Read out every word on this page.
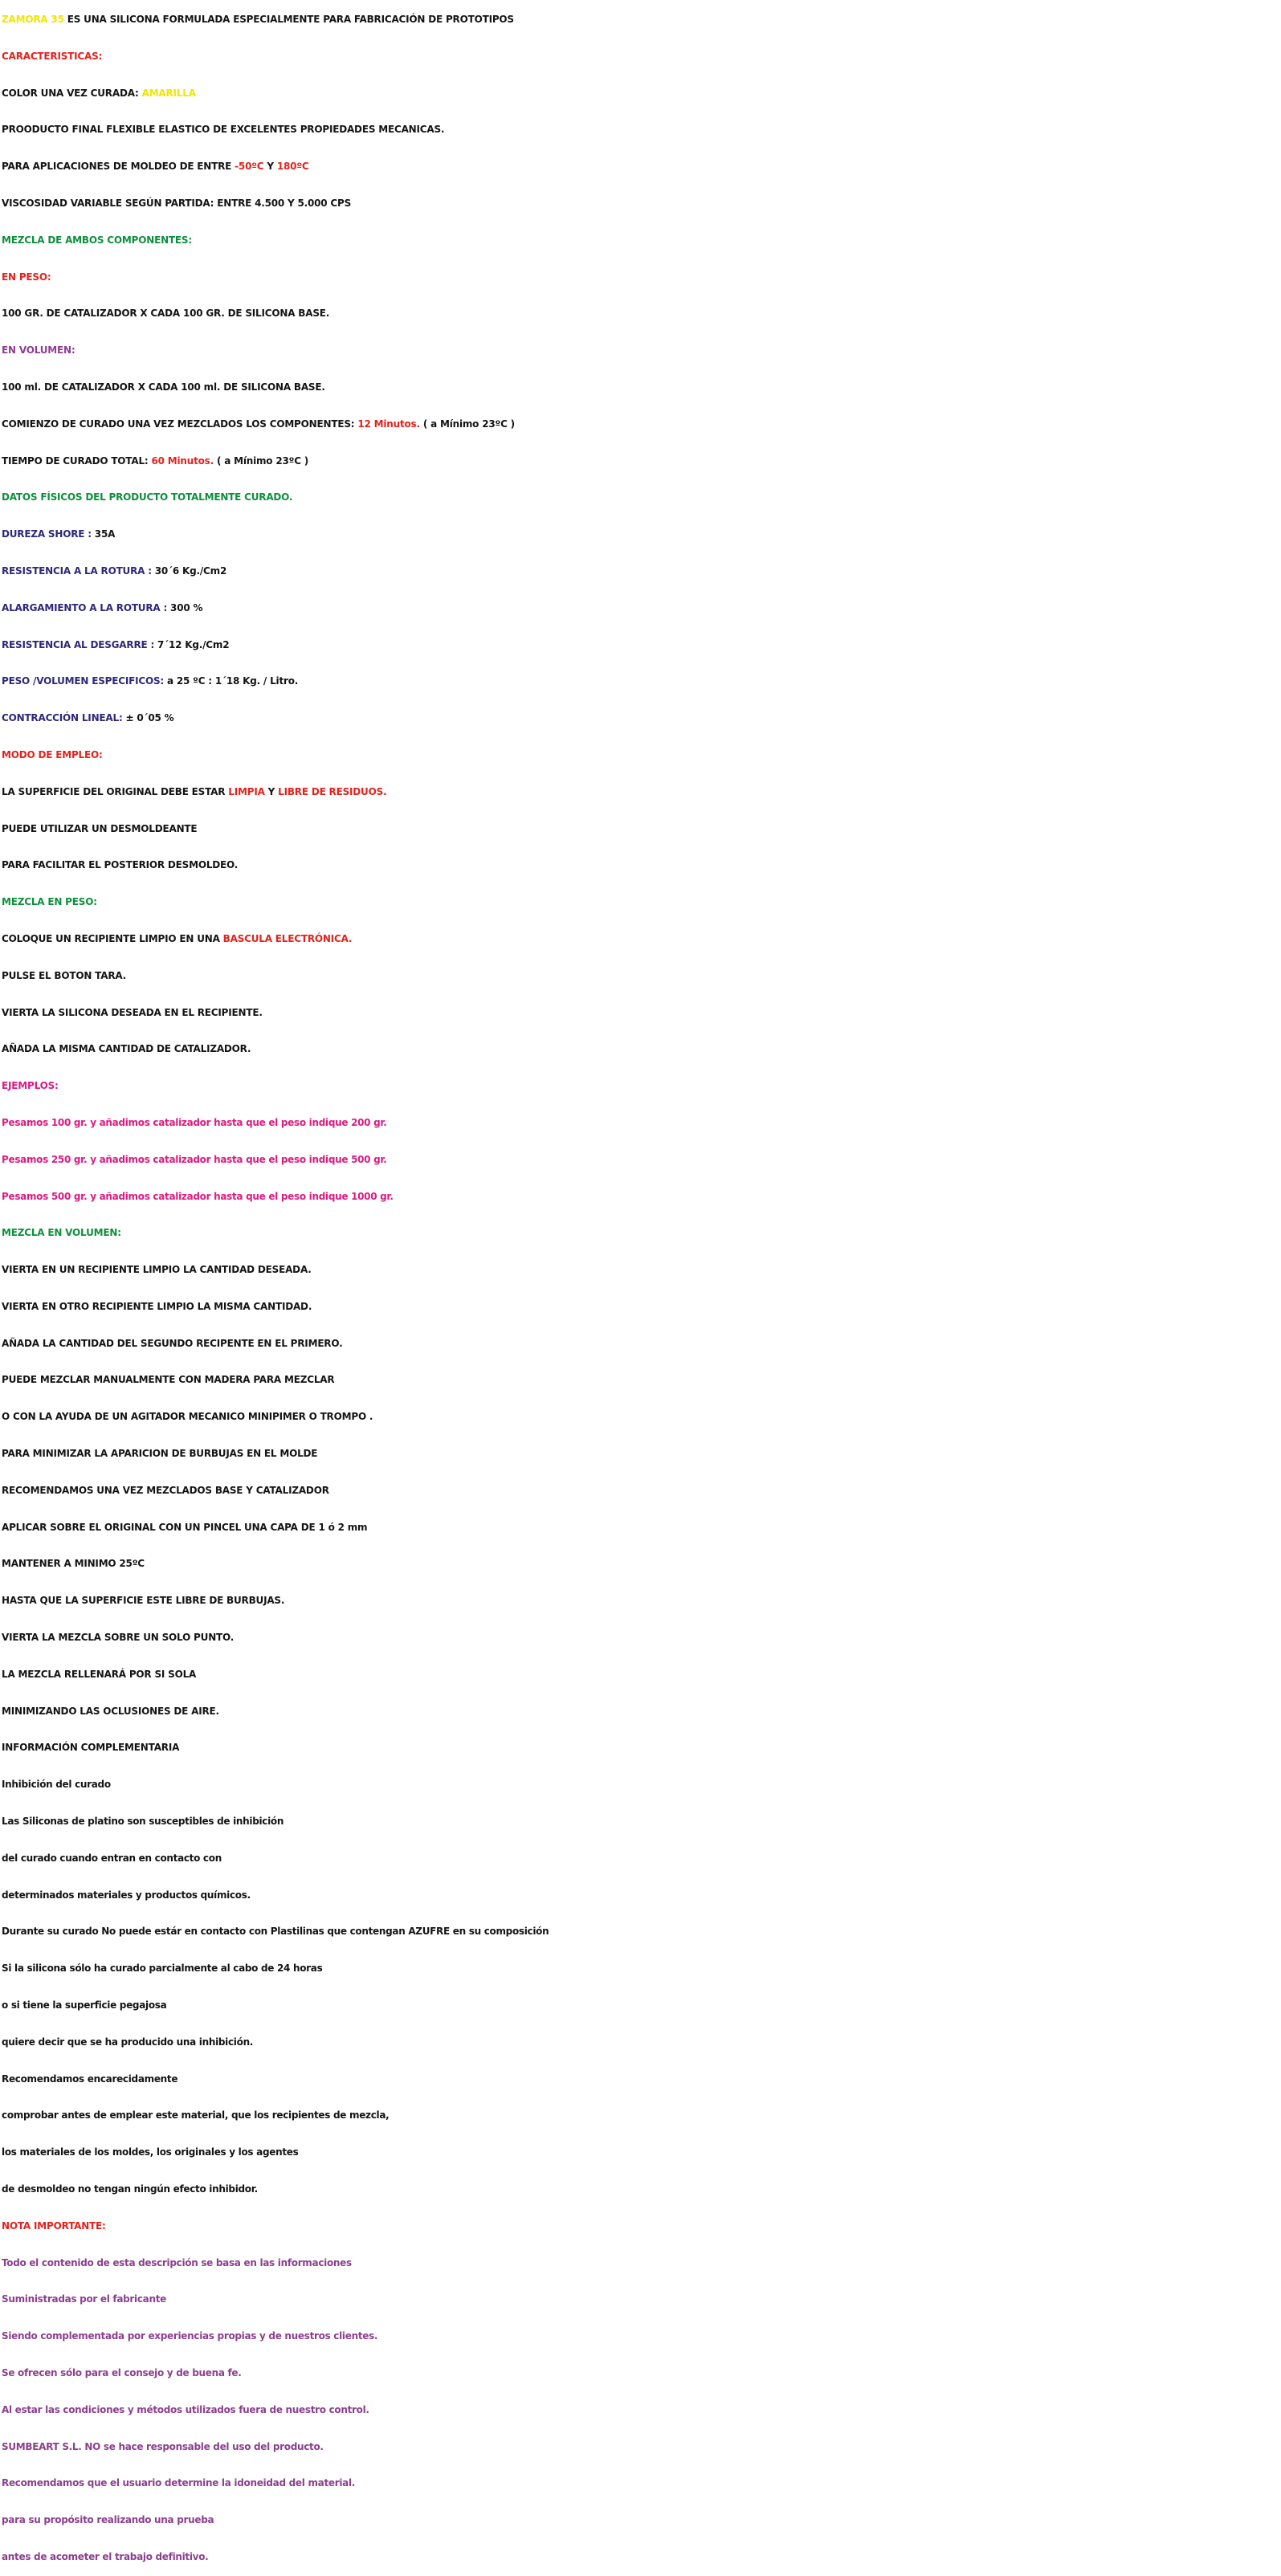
ZAMORA 35 ES UNA SILICONA FORMULADA ESPECIALMENTE PARA FABRICACIÓN DE PROTOTIPOS
CARACTERISTICAS:
COLOR UNA VEZ CURADA: AMARILLA
PROODUCTO FINAL FLEXIBLE ELASTICO DE EXCELENTES PROPIEDADES MECANICAS.
PARA APLICACIONES DE MOLDEO DE ENTRE -50ºC Y 180ºC
VISCOSIDAD VARIABLE SEGÚN PARTIDA: ENTRE 4.500 Y 5.000 CPS
MEZCLA DE AMBOS COMPONENTES:
EN PESO:
100 GR. DE CATALIZADOR X CADA 100 GR. DE SILICONA BASE.
EN VOLUMEN:
100 ml. DE CATALIZADOR X CADA 100 ml. DE SILICONA BASE.
COMIENZO DE CURADO UNA VEZ MEZCLADOS LOS COMPONENTES: 12 Minutos. ( a Mínimo 23ºC )
TIEMPO DE CURADO TOTAL: 60 Minutos. ( a Mínimo 23ºC )
DATOS FÍSICOS DEL PRODUCTO TOTALMENTE CURADO.
DUREZA SHORE : 35A
RESISTENCIA A LA ROTURA : 30´6 Kg./Cm2
ALARGAMIENTO A LA ROTURA : 300 %
RESISTENCIA AL DESGARRE : 7´12 Kg./Cm2
PESO /VOLUMEN ESPECIFICOS: a 25 ºC : 1´18 Kg. / Litro.
CONTRACCIÓN LINEAL: ± 0´05 %
MODO DE EMPLEO:
LA SUPERFICIE DEL ORIGINAL DEBE ESTAR LIMPIA Y LIBRE DE RESIDUOS.
PUEDE UTILIZAR UN DESMOLDEANTE
PARA FACILITAR EL POSTERIOR DESMOLDEO.
MEZCLA EN PESO:
COLOQUE UN RECIPIENTE LIMPIO EN UNA BASCULA ELECTRÓNICA.
PULSE EL BOTON TARA.
VIERTA LA SILICONA DESEADA EN EL RECIPIENTE.
AÑADA LA MISMA CANTIDAD DE CATALIZADOR.
EJEMPLOS:
Pesamos 100 gr. y añadimos catalizador hasta que el peso indique 200 gr.
Pesamos 250 gr. y añadimos catalizador hasta que el peso indique 500 gr.
Pesamos 500 gr. y añadimos catalizador hasta que el peso indique 1000 gr.
MEZCLA EN VOLUMEN:
VIERTA EN UN RECIPIENTE LIMPIO LA CANTIDAD DESEADA.
VIERTA EN OTRO RECIPIENTE LIMPIO LA MISMA CANTIDAD.
AÑADA LA CANTIDAD DEL SEGUNDO RECIPENTE EN EL PRIMERO.
PUEDE MEZCLAR MANUALMENTE CON MADERA PARA MEZCLAR
O CON LA AYUDA DE UN AGITADOR MECANICO MINIPIMER O TROMPO .
PARA MINIMIZAR LA APARICION DE BURBUJAS EN EL MOLDE
RECOMENDAMOS UNA VEZ MEZCLADOS BASE Y CATALIZADOR
APLICAR SOBRE EL ORIGINAL CON UN PINCEL UNA CAPA DE 1 ó 2 mm
MANTENER A MINIMO 25ºC
HASTA QUE LA SUPERFICIE ESTE LIBRE DE BURBUJAS.
VIERTA LA MEZCLA SOBRE UN SOLO PUNTO.
LA MEZCLA RELLENARÁ POR SI SOLA
MINIMIZANDO LAS OCLUSIONES DE AIRE.
INFORMACIÓN COMPLEMENTARIA
Inhibición del curado
Las Siliconas de platino son susceptibles de inhibición
del curado cuando entran en contacto con
determinados materiales y productos químicos.
Durante su curado No puede estár en contacto con Plastilinas que contengan AZUFRE en su composición
Si la silicona sólo ha curado parcialmente al cabo de 24 horas
o si tiene la superficie pegajosa
quiere decir que se ha producido una inhibición.
Recomendamos encarecidamente
comprobar antes de emplear este material, que los recipientes de mezcla,
los materiales de los moldes, los originales y los agentes
de desmoldeo no tengan ningún efecto inhibidor.
NOTA IMPORTANTE:
Todo el contenido de esta descripción se basa en las informaciones
Suministradas por el fabricante
Siendo complementada por experiencias propias y de nuestros clientes.
Se ofrecen sólo para el consejo y de buena fe.
Al estar las condiciones y métodos utilizados fuera de nuestro control.
SUMBEART S.L. NO se hace responsable del uso del producto.
Recomendamos que el usuario determine la idoneidad del material.
para su propósito realizando una prueba
antes de acometer el trabajo definitivo.
